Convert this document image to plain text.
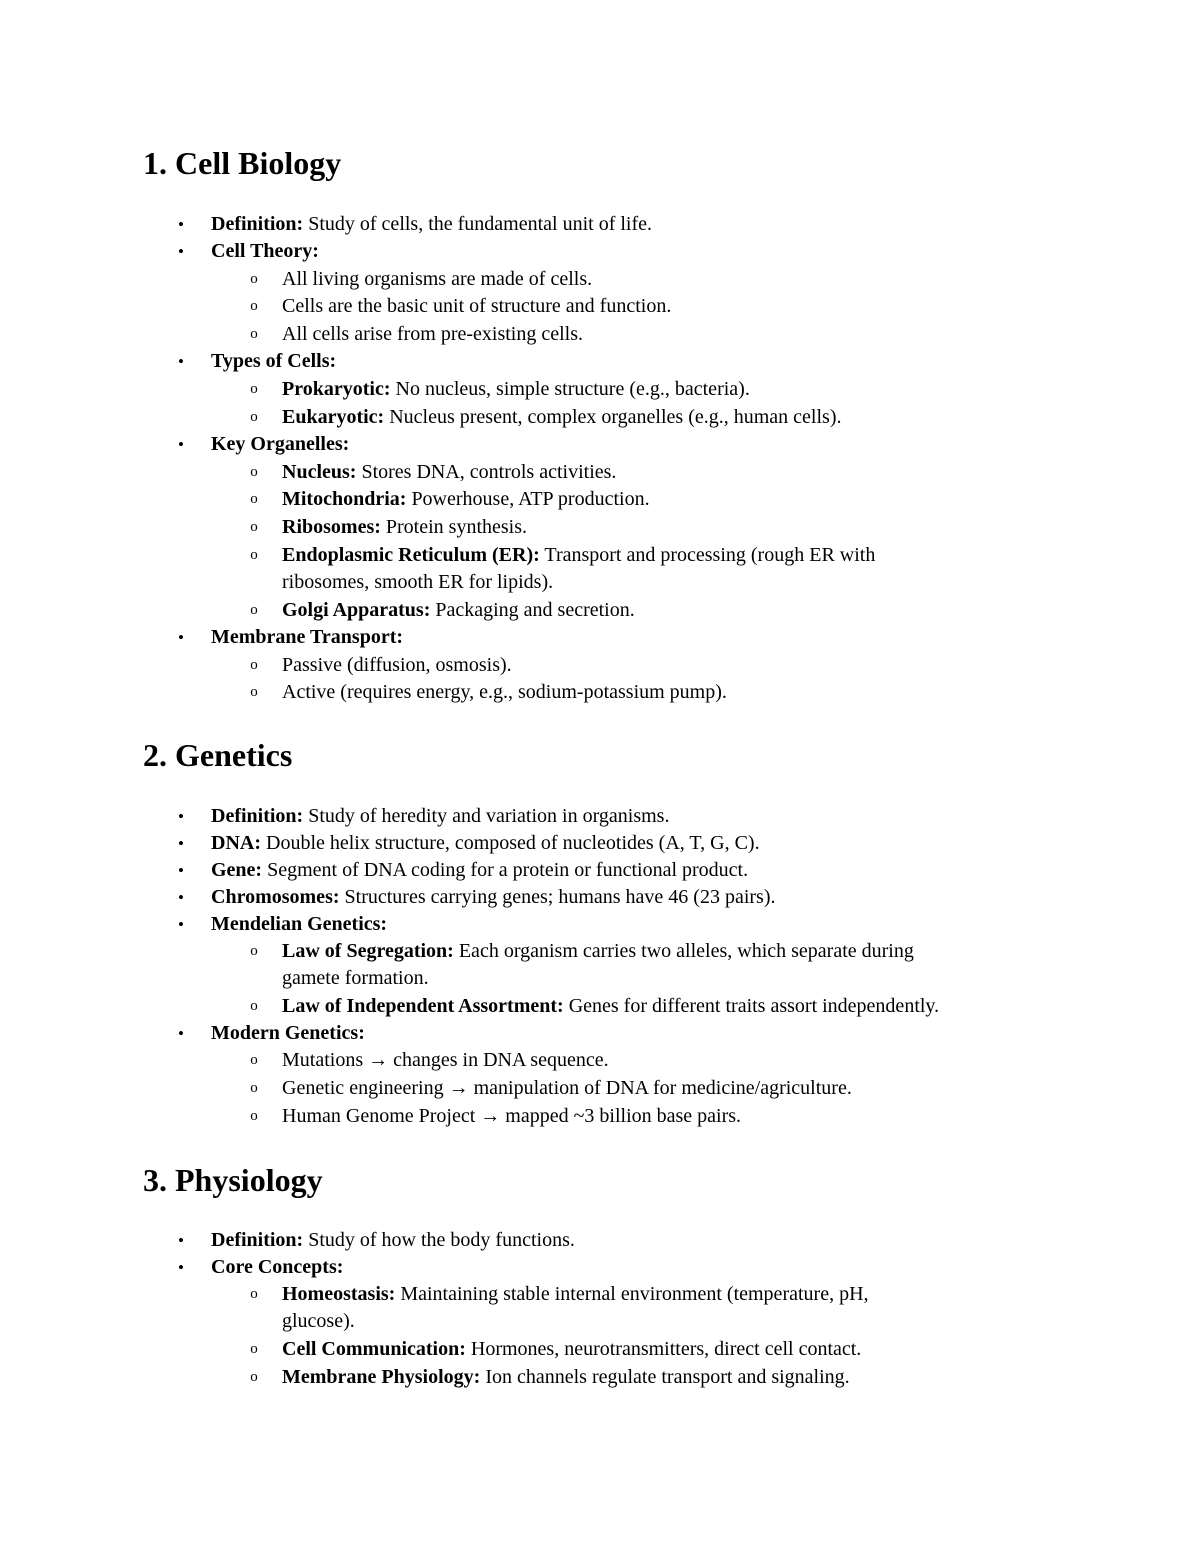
1. Cell Biology
•	Definition: Study of cells, the fundamental unit of life.
•	Cell Theory:
o	All living organisms are made of cells.
o	Cells are the basic unit of structure and function.
o	All cells arise from pre-existing cells.
•	Types of Cells:
o	Prokaryotic: No nucleus, simple structure (e.g., bacteria).
o	Eukaryotic: Nucleus present, complex organelles (e.g., human cells).
•	Key Organelles:
o	Nucleus: Stores DNA, controls activities.
o	Mitochondria: Powerhouse, ATP production.
o	Ribosomes: Protein synthesis.
o	Endoplasmic Reticulum (ER): Transport and processing (rough ER with
ribosomes, smooth ER for lipids).
o	Golgi Apparatus: Packaging and secretion.
•	Membrane Transport:
o	Passive (diffusion, osmosis).
o	Active (requires energy, e.g., sodium-potassium pump).
2. Genetics
•	Definition: Study of heredity and variation in organisms.
•	DNA: Double helix structure, composed of nucleotides (A, T, G, C).
•	Gene: Segment of DNA coding for a protein or functional product.
•	Chromosomes: Structures carrying genes; humans have 46 (23 pairs).
•	Mendelian Genetics:
o	Law of Segregation: Each organism carries two alleles, which separate during
gamete formation.
o	Law of Independent Assortment: Genes for different traits assort independently.
•	Modern Genetics:
o	Mutations → changes in DNA sequence.
o	Genetic engineering → manipulation of DNA for medicine/agriculture.
o	Human Genome Project → mapped ~3 billion base pairs.
3. Physiology
•	Definition: Study of how the body functions.
•	Core Concepts:
o	Homeostasis: Maintaining stable internal environment (temperature, pH,
glucose).
o	Cell Communication: Hormones, neurotransmitters, direct cell contact.
o	Membrane Physiology: Ion channels regulate transport and signaling.
